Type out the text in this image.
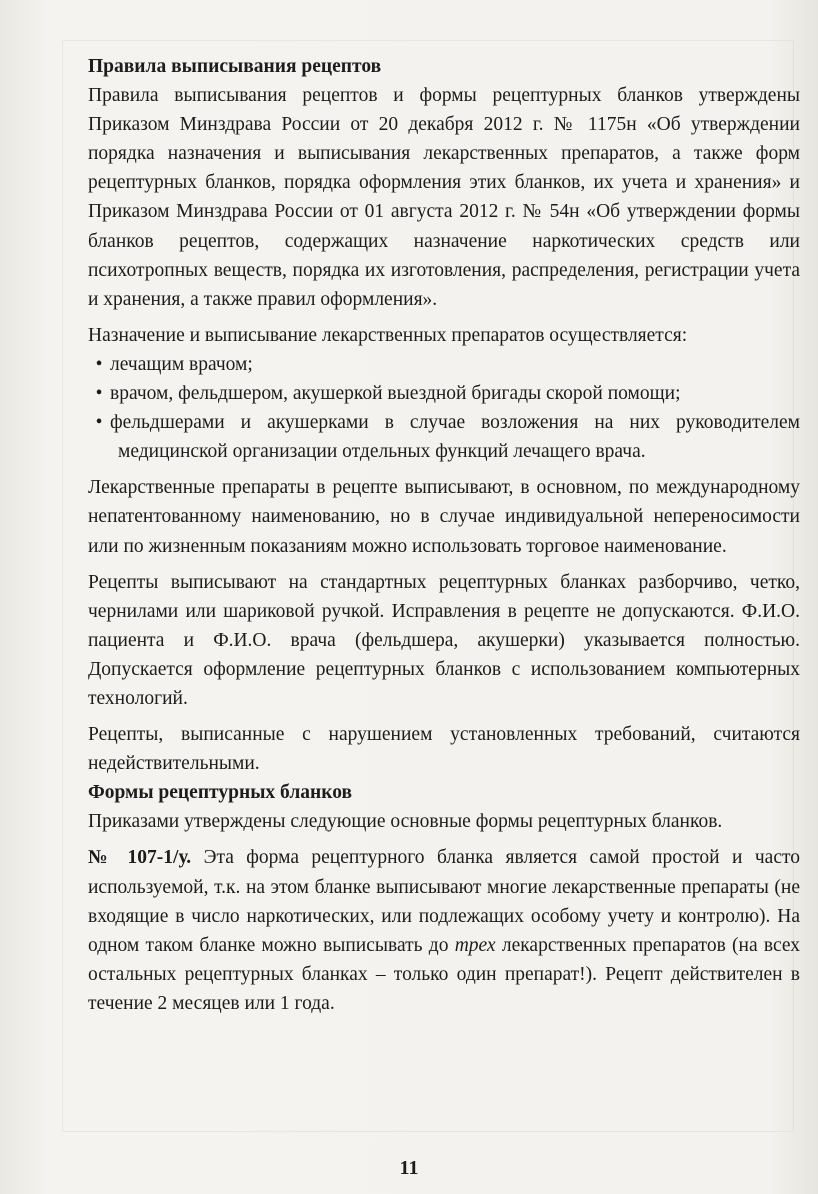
Правила выписывания рецептов

Правила выписывания рецептов и формы рецептурных бланков утверждены Приказом Минздрава России от 20 декабря 2012 г. № 1175н «Об утверждении порядка назначения и выписывания лекарственных препаратов, а также форм рецептурных бланков, порядка оформления этих бланков, их учета и хранения» и Приказом Минздрава России от 01 августа 2012 г. № 54н «Об утверждении формы бланков рецептов, содержащих назначение наркотических средств или психотропных веществ, порядка их изготовления, распределения, регистрации учета и хранения, а также правил оформления».

Назначение и выписывание лекарственных препаратов осуществляется:

• лечащим врачом;

• врачом, фельдшером, акушеркой выездной бригады скорой помощи;

• фельдшерами и акушерками в случае возложения на них руководителем медицинской организации отдельных функций лечащего врача.

Лекарственные препараты в рецепте выписывают, в основном, по международному непатентованному наименованию, но в случае индивидуальной непереносимости или по жизненным показаниям можно использовать торговое наименование.

Рецепты выписывают на стандартных рецептурных бланках разборчиво, четко, чернилами или шариковой ручкой. Исправления в рецепте не допускаются. Ф.И.О. пациента и Ф.И.О. врача (фельдшера, акушерки) указывается полностью. Допускается оформление рецептурных бланков с использованием компьютерных технологий.

Рецепты, выписанные с нарушением установленных требований, считаются недействительными.

Формы рецептурных бланков

Приказами утверждены следующие основные формы рецептурных бланков.

№ 107-1/у. Эта форма рецептурного бланка является самой простой и часто используемой, т.к. на этом бланке выписывают многие лекарственные препараты (не входящие в число наркотических, или подлежащих особому учету и контролю). На одном таком бланке можно выписывать до трех лекарственных препаратов (на всех остальных рецептурных бланках – только один препарат!). Рецепт действителен в течение 2 месяцев или 1 года.

11
